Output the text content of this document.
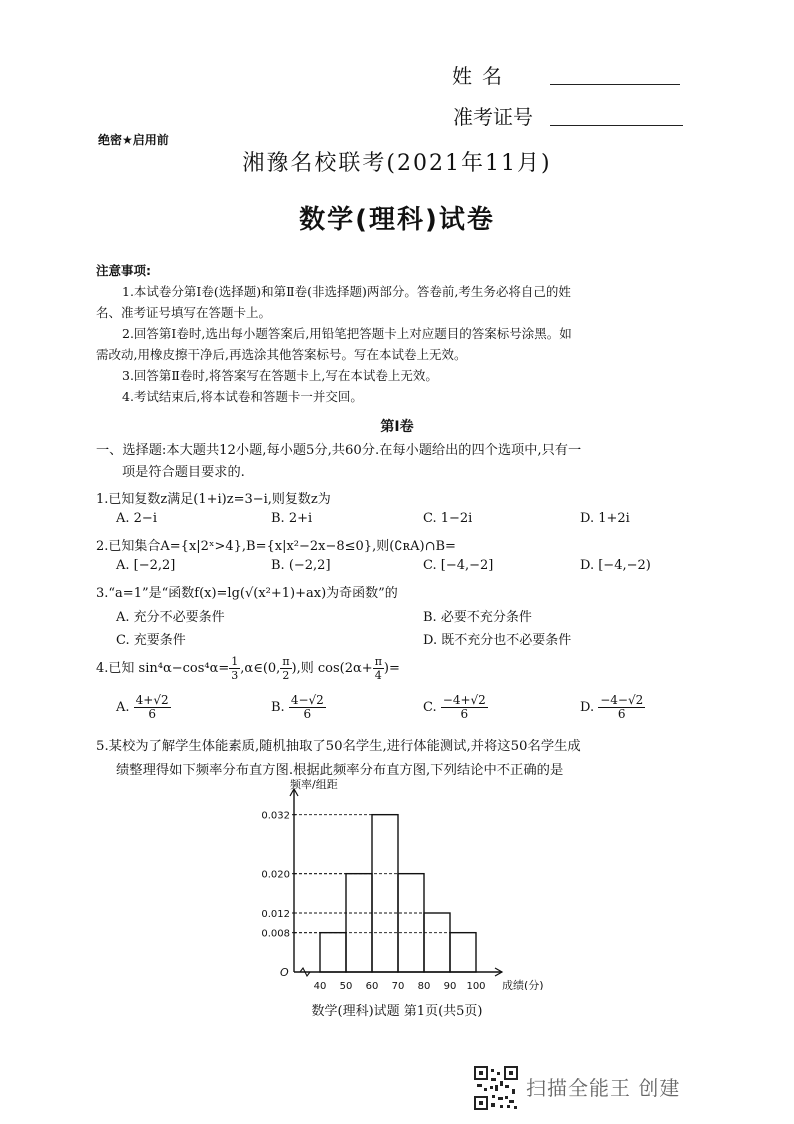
姓名
准考证号
绝密★启用前
湘豫名校联考(2021年11月)
数学(理科)试卷
注意事项:
1.本试卷分第Ⅰ卷(选择题)和第Ⅱ卷(非选择题)两部分。答卷前,考生务必将自己的姓
名、准考证号填写在答题卡上。
2.回答第Ⅰ卷时,选出每小题答案后,用铅笔把答题卡上对应题目的答案标号涂黑。如
需改动,用橡皮擦干净后,再选涂其他答案标号。写在本试卷上无效。
3.回答第Ⅱ卷时,将答案写在答题卡上,写在本试卷上无效。
4.考试结束后,将本试卷和答题卡一并交回。
第Ⅰ卷
一、选择题:本大题共12小题,每小题5分,共60分.在每小题给出的四个选项中,只有一
项是符合题目要求的.
1.已知复数z满足(1+i)z=3−i,则复数z为
A. 2−i	B. 2+i	C. 1−2i	D. 1+2i
2.已知集合A={x|2ˣ>4},B={x|x²−2x−8≤0},则(∁ʀA)∩B=
A. [−2,2]	B. (−2,2]	C. [−4,−2]	D. [−4,−2)
3.“a=1”是“函数f(x)=lg(√(x²+1)+ax)为奇函数”的
A. 充分不必要条件	B. 必要不充分条件
C. 充要条件	D. 既不充分也不必要条件
4.已知 $\sin^4\alpha-\cos^4\alpha= \frac{1}{3}$ ,α∈(0, $\frac{\pi}{2}$ ),则 $\cos(2\alpha+ \frac{\pi}{4}$ )=
A. $\frac{4+√2}{6}$	B. $\frac{4-√2}{6}$	C. $\frac{-4+√2}{6}$	D. $\frac{-4-√2}{6}$
5.某校为了解学生体能素质,随机抽取了50名学生,进行体能测试,并将这50名学生成
绩整理得如下频率分布直方图.根据此频率分布直方图,下列结论中不正确的是
频率/组距
成绩(分)
O
0.032
0.020
0.012
0.008
40 50 60 70 80 90 100
数学(理科)试题 第1页(共5页)
扫描全能王 创建
